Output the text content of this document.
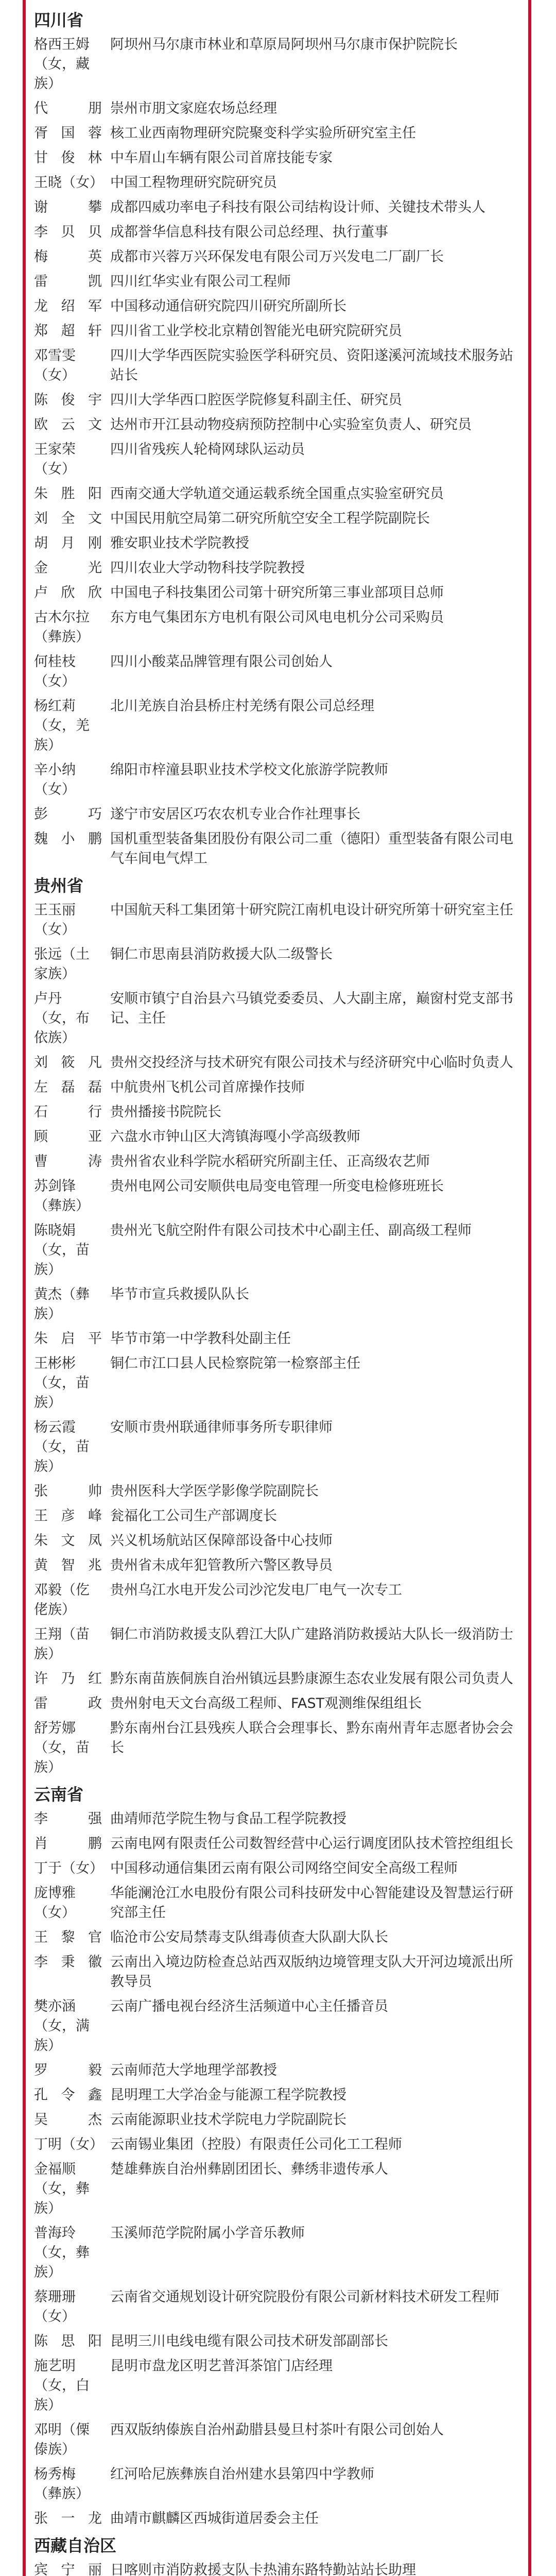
四川省
格西王姆（女，藏族）
阿坝州马尔康市林业和草原局阿坝州马尔康市保护院院长
代朋 崇州市朋文家庭农场总经理
胥国蓉 核工业西南物理研究院聚变科学实验所研究室主任
甘俊林 中车眉山车辆有限公司首席技能专家
王晓（女） 中国工程物理研究院研究员
谢攀 成都四威功率电子科技有限公司结构设计师、关键技术带头人
李贝贝 成都誉华信息科技有限公司总经理、执行董事
梅英 成都市兴蓉万兴环保发电有限公司万兴发电二厂副厂长
雷凯 四川红华实业有限公司工程师
龙绍军 中国移动通信研究院四川研究所副所长
郑超轩 四川省工业学校北京精创智能光电研究院研究员
邓雪雯（女）
四川大学华西医院实验医学科研究员、资阳遂溪河流域技术服务站站长
陈俊宇 四川大学华西口腔医学院修复科副主任、研究员
欧云文 达州市开江县动物疫病预防控制中心实验室负责人、研究员
王家荣（女）
四川省残疾人轮椅网球队运动员
朱胜阳 西南交通大学轨道交通运载系统全国重点实验室研究员
刘全文 中国民用航空局第二研究所航空安全工程学院副院长
胡月刚 雅安职业技术学院教授
金光 四川农业大学动物科技学院教授
卢欣欣 中国电子科技集团公司第十研究所第三事业部项目总师
古木尔拉（彝族）
东方电气集团东方电机有限公司风电电机分公司采购员
何桂枝（女）
四川小酸菜品牌管理有限公司创始人
杨红莉（女，羌族）
北川羌族自治县桥庄村羌绣有限公司总经理
辛小纳（女）
绵阳市梓潼县职业技术学校文化旅游学院教师
彭巧 遂宁市安居区巧农农机专业合作社理事长
魏小鹏 国机重型装备集团股份有限公司二重（德阳）重型装备有限公司电气车间电气焊工
贵州省
王玉丽（女）
中国航天科工集团第十研究院江南机电设计研究所第十研究室主任
张远（土家族）
铜仁市思南县消防救援大队二级警长
卢丹（女，布依族）
安顺市镇宁自治县六马镇党委委员、人大副主席，巅窗村党支部书记、主任
刘筱凡 贵州交投经济与技术研究有限公司技术与经济研究中心临时负责人
左磊磊 中航贵州飞机公司首席操作技师
石行 贵州播接书院院长
顾亚 六盘水市钟山区大湾镇海嘎小学高级教师
曹涛 贵州省农业科学院水稻研究所副主任、正高级农艺师
苏剑锋（彝族）
贵州电网公司安顺供电局变电管理一所变电检修班班长
陈晓娟（女，苗族）
贵州光飞航空附件有限公司技术中心副主任、副高级工程师
黄杰（彝族）
毕节市宣兵救援队队长
朱启平 毕节市第一中学教科处副主任
王彬彬（女，苗族）
铜仁市江口县人民检察院第一检察部主任
杨云霞（女，苗族）
安顺市贵州联通律师事务所专职律师
张帅 贵州医科大学医学影像学院副院长
王彦峰 瓮福化工公司生产部调度长
朱文凤 兴义机场航站区保障部设备中心技师
黄智兆 贵州省未成年犯管教所六警区教导员
邓毅（仡佬族）
贵州乌江水电开发公司沙沱发电厂电气一次专工
王翔（苗族）
铜仁市消防救援支队碧江大队广建路消防救援站大队长一级消防士
许乃红 黔东南苗族侗族自治州镇远县黔康源生态农业发展有限公司负责人
雷政 贵州射电天文台高级工程师、FAST观测维保组组长
舒芳娜（女，苗族）
黔东南州台江县残疾人联合会理事长、黔东南州青年志愿者协会会长
云南省
李强 曲靖师范学院生物与食品工程学院教授
肖鹏 云南电网有限责任公司数智经营中心运行调度团队技术管控组组长
丁于（女） 中国移动通信集团云南有限公司网络空间安全高级工程师
庞博雅（女）
华能澜沧江水电股份有限公司科技研发中心智能建设及智慧运行研究部主任
王黎官 临沧市公安局禁毒支队缉毒侦查大队副大队长
李秉徽 云南出入境边防检查总站西双版纳边境管理支队大开河边境派出所教导员
樊亦涵（女，满族）
云南广播电视台经济生活频道中心主任播音员
罗毅 云南师范大学地理学部教授
孔令鑫 昆明理工大学冶金与能源工程学院教授
吴杰 云南能源职业技术学院电力学院副院长
丁明（女） 云南锡业集团（控股）有限责任公司化工工程师
金福顺（女，彝族）
楚雄彝族自治州彝剧团团长、彝绣非遗传承人
普海玲（女，彝族）
玉溪师范学院附属小学音乐教师
蔡珊珊（女）
云南省交通规划设计研究院股份有限公司新材料技术研发工程师
陈思阳 昆明三川电线电缆有限公司技术研发部副部长
施艺明（女，白族）
昆明市盘龙区明艺普洱茶馆门店经理
邓明（傈傣族）
西双版纳傣族自治州勐腊县曼旦村茶叶有限公司创始人
杨秀梅（彝族）
红河哈尼族彝族自治州建水县第四中学教师
张一龙 曲靖市麒麟区西城街道居委会主任
西藏自治区
宾宁丽 日喀则市消防救援支队卡热浦东路特勤站站长助理
